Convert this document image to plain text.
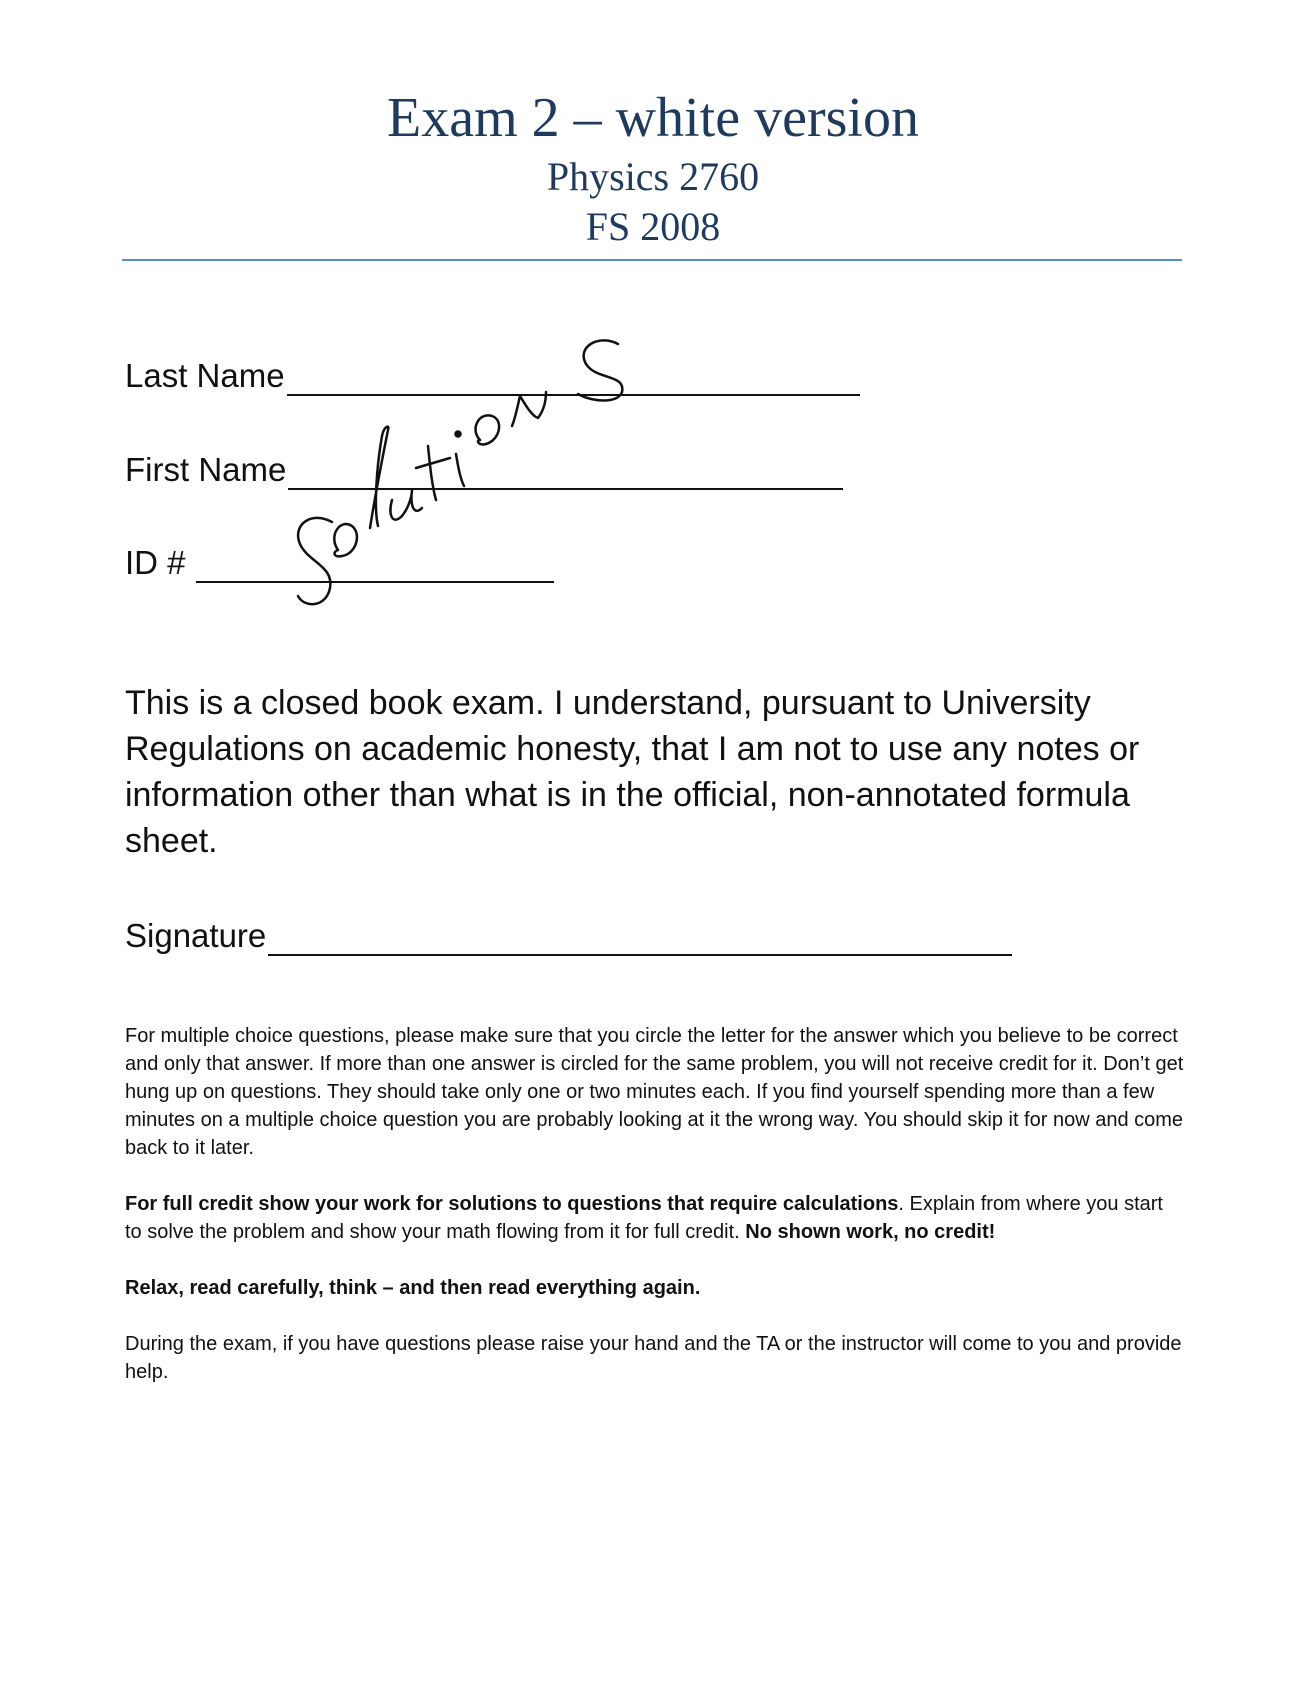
Exam 2 – white version
Physics 2760
FS 2008
Last Name
First Name
ID #

This is a closed book exam. I understand, pursuant to University Regulations on academic honesty, that I am not to use any notes or information other than what is in the official, non-annotated formula sheet.

Signature

For multiple choice questions, please make sure that you circle the letter for the answer which you believe to be correct and only that answer. If more than one answer is circled for the same problem, you will not receive credit for it. Don’t get hung up on questions. They should take only one or two minutes each. If you find yourself spending more than a few minutes on a multiple choice question you are probably looking at it the wrong way. You should skip it for now and come back to it later.

For full credit show your work for solutions to questions that require calculations. Explain from where you start to solve the problem and show your math flowing from it for full credit. No shown work, no credit!

Relax, read carefully, think – and then read everything again.

During the exam, if you have questions please raise your hand and the TA or the instructor will come to you and provide help.
